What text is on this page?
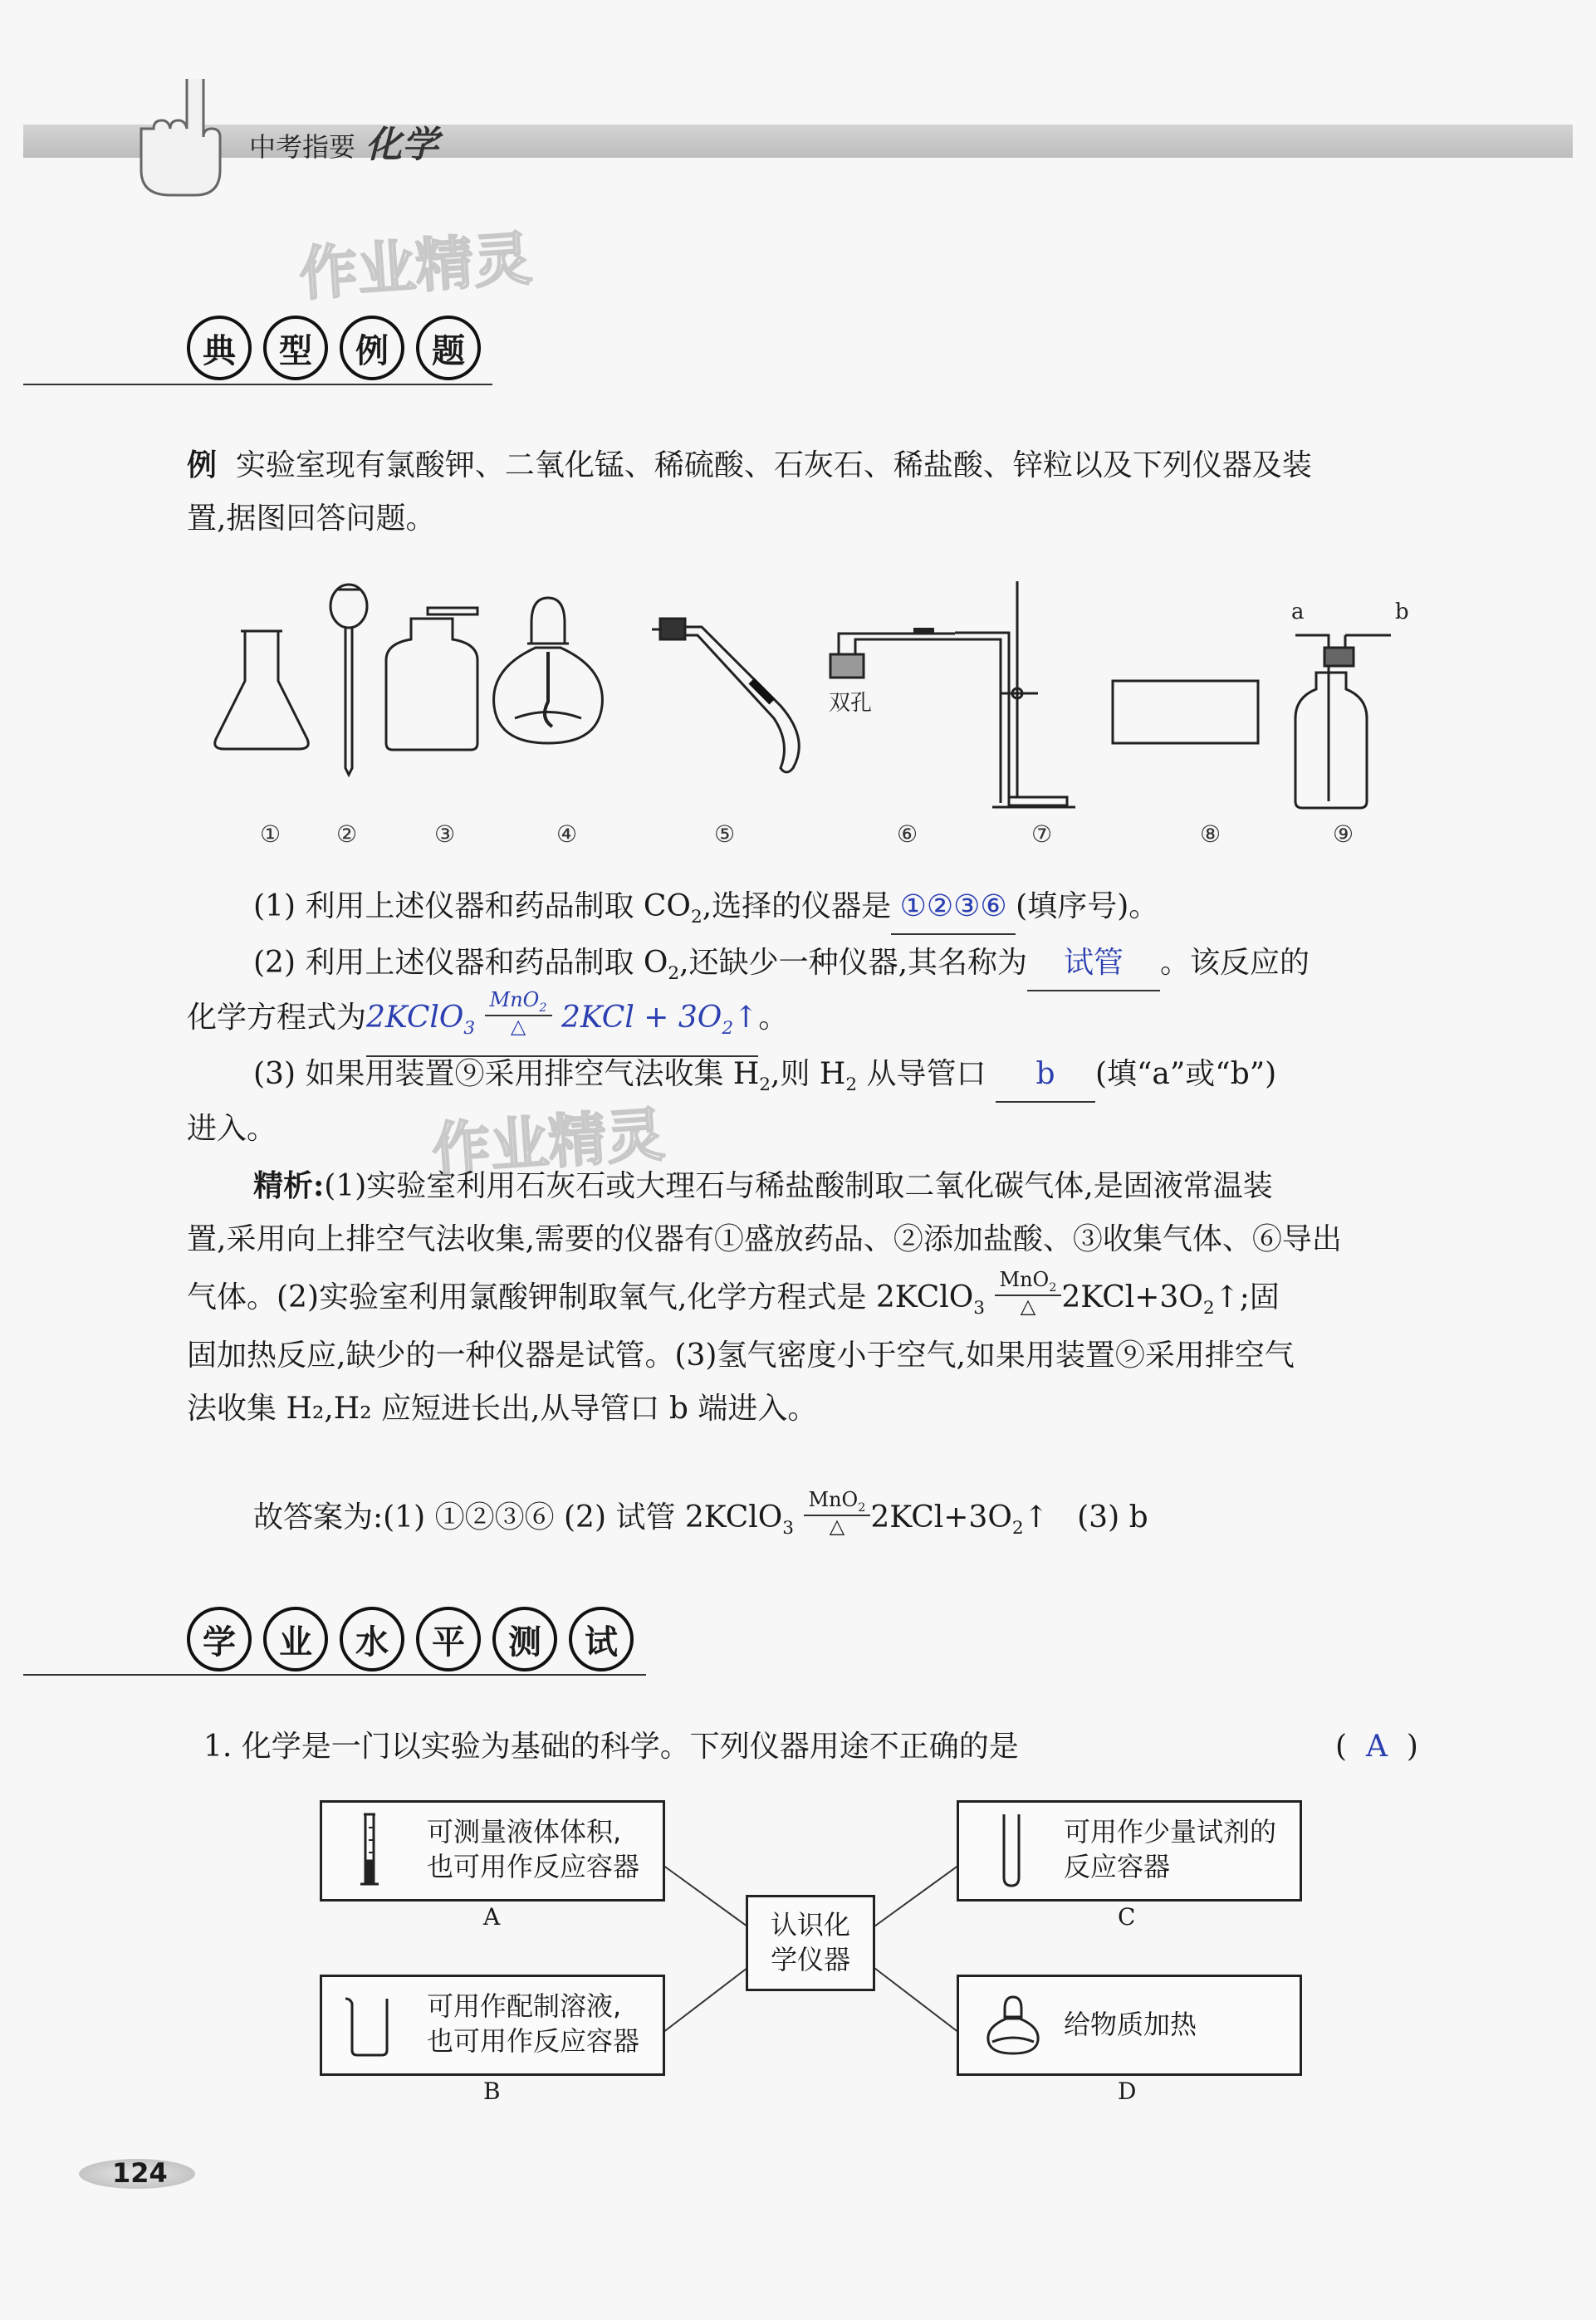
中考指要 化学
作业精灵
典	型	例	题
例 实验室现有氯酸钾、二氧化锰、稀硫酸、石灰石、稀盐酸、锌粒以及下列仪器及装
置,据图回答问题。
双孔
a	b
① ②	③	④	⑤	⑥	⑦	⑧	⑨
(1) 利用上述仪器和药品制取 $CO_2$,选择的仪器是 ①②③⑥ (填序号)。
(2) 利用上述仪器和药品制取 $O_2$,还缺少一种仪器,其名称为 试管 。该反应的
化学方程式为2KClO$_3$ $\frac{MnO_2}{\triangle} 2KCl$ + $3O_2↑$。
(3) 如果用装置⑨采用排空气法收集 $H_2$,则 $H_2$ 从导管口 b (填“a”或“b”)
进入。	作业精灵
精析:(1)实验室利用石灰石或大理石与稀盐酸制取二氧化碳气体,是固液常温装
置,采用向上排空气法收集,需要的仪器有①盛放药品、②添加盐酸、③收集气体、⑥导出
气体。(2)实验室利用氯酸钾制取氧气,化学方程式是 2KClO$_3$ $\frac{MnO_2}{\triangle}$ $2KCl+3O_2↑$;固
固加热反应,缺少的一种仪器是试管。(3)氢气密度小于空气,如果用装置⑨采用排空气
法收集 H₂,H₂ 应短进长出,从导管口 b 端进入。
故答案为:(1) ①②③⑥ (2) 试管 2KClO$_3$ $\frac{MnO_2}{\triangle}$ $2KCl+3O_2↑$ (3) b
学	业	水	平	测	试
1. 化学是一门以实验为基础的科学。下列仪器用途不正确的是	( A )
可测量液体体积,
也可用作反应容器
A
可用作配制溶液,
也可用作反应容器
B
认识化
学仪器
可用作少量试剂的
反应容器
C
给物质加热
D
124
